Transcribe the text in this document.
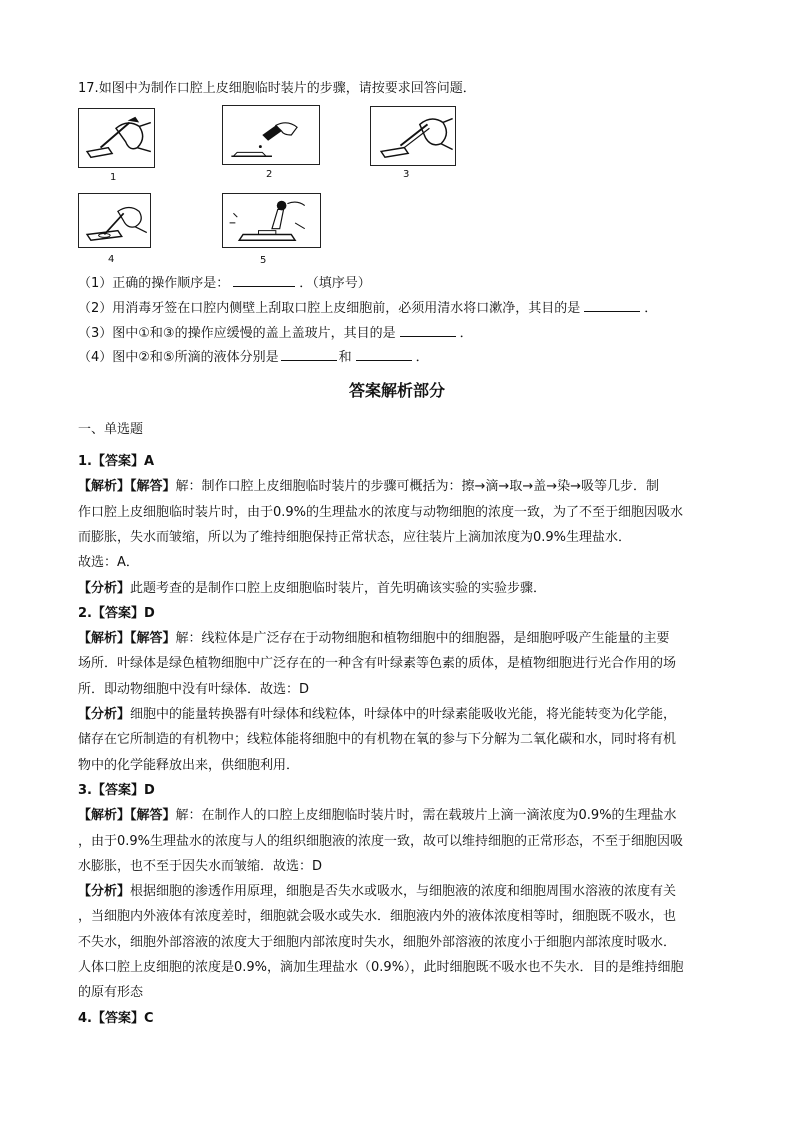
17.如图中为制作口腔上皮细胞临时装片的步骤，请按要求回答问题．
1	2	3
4	5
（1）正确的操作顺序是：	．（填序号）
（2）用消毒牙签在口腔内侧壁上刮取口腔上皮细胞前，必须用清水将口漱净，其目的是	．
（3）图中①和③的操作应缓慢的盖上盖玻片，其目的是	．
（4）图中②和⑤所滴的液体分别是	和	．
答案解析部分
一、单选题
1.【答案】A
【解析】【解答】解：制作口腔上皮细胞临时装片的步骤可概括为：擦→滴→取→盖→染→吸等几步．制
作口腔上皮细胞临时装片时，由于0.9%的生理盐水的浓度与动物细胞的浓度一致，为了不至于细胞因吸水
而膨胀，失水而皱缩，所以为了维持细胞保持正常状态，应往装片上滴加浓度为0.9%生理盐水．
故选：A．
【分析】此题考查的是制作口腔上皮细胞临时装片，首先明确该实验的实验步骤．
2.【答案】D
【解析】【解答】解：线粒体是广泛存在于动物细胞和植物细胞中的细胞器，是细胞呼吸产生能量的主要
场所．叶绿体是绿色植物细胞中广泛存在的一种含有叶绿素等色素的质体，是植物细胞进行光合作用的场
所．即动物细胞中没有叶绿体．故选：D
【分析】细胞中的能量转换器有叶绿体和线粒体，叶绿体中的叶绿素能吸收光能，将光能转变为化学能，
储存在它所制造的有机物中；线粒体能将细胞中的有机物在氧的参与下分解为二氧化碳和水，同时将有机
物中的化学能释放出来，供细胞利用．
3.【答案】D
【解析】【解答】解：在制作人的口腔上皮细胞临时装片时，需在载玻片上滴一滴浓度为0.9%的生理盐水
，由于0.9%生理盐水的浓度与人的组织细胞液的浓度一致，故可以维持细胞的正常形态，不至于细胞因吸
水膨胀，也不至于因失水而皱缩．故选：D
【分析】根据细胞的渗透作用原理，细胞是否失水或吸水，与细胞液的浓度和细胞周围水溶液的浓度有关
，当细胞内外液体有浓度差时，细胞就会吸水或失水．细胞液内外的液体浓度相等时，细胞既不吸水，也
不失水，细胞外部溶液的浓度大于细胞内部浓度时失水，细胞外部溶液的浓度小于细胞内部浓度时吸水．
人体口腔上皮细胞的浓度是0.9%，滴加生理盐水（0.9%），此时细胞既不吸水也不失水．目的是维持细胞
的原有形态
4.【答案】C
